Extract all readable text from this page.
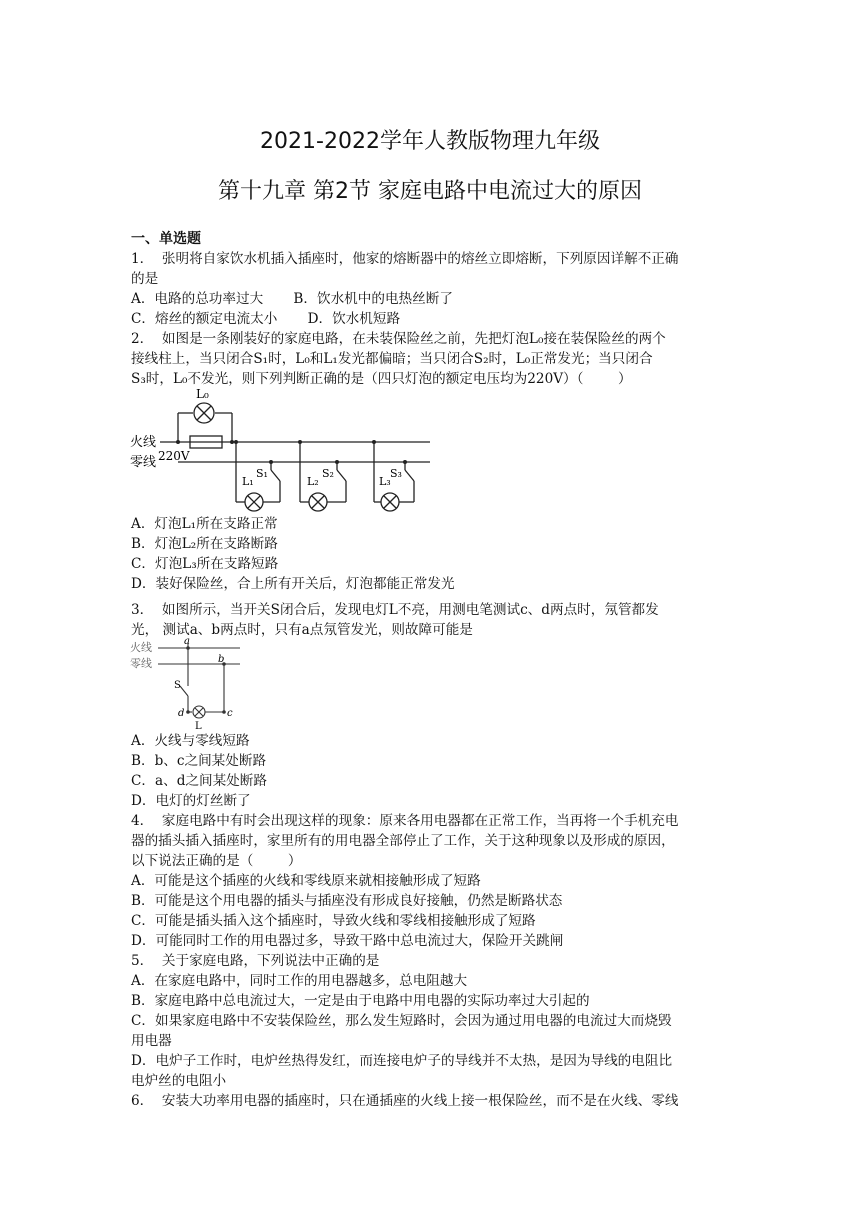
2021-2022学年人教版物理九年级
第十九章 第2节 家庭电路中电流过大的原因
一、单选题
1．  张明将自家饮水机插入插座时，他家的熔断器中的熔丝立即熔断，下列原因详解不正确
的是
A．电路的总功率过大       B．饮水机中的电热丝断了
C．熔丝的额定电流太小       D．饮水机短路
2．  如图是一条刚装好的家庭电路，在未装保险丝之前，先把灯泡L₀接在装保险丝的两个
接线柱上，当只闭合S₁时，L₀和L₁发光都偏暗；当只闭合S₂时，L₀正常发光；当只闭合
S₃时，L₀不发光，则下列判断正确的是（四只灯泡的额定电压均为220V）（        ）
L₀
火线
零线 220V
S₁	S₂	S₃
L₁	L₂	L₃
A．灯泡L₁所在支路正常
B．灯泡L₂所在支路断路
C．灯泡L₃所在支路短路
D．装好保险丝，合上所有开关后，灯泡都能正常发光
3．  如图所示，当开关S闭合后，发现电灯L不亮，用测电笔测试c、d两点时，氖管都发
光， 测试a、b两点时，只有a点氖管发光，则故障可能是
火线
零线
a
b
S
d	c
L
A．火线与零线短路
B．b、c之间某处断路
C．a、d之间某处断路
D．电灯的灯丝断了
4．  家庭电路中有时会出现这样的现象：原来各用电器都在正常工作，当再将一个手机充电
器的插头插入插座时，家里所有的用电器全部停止了工作，关于这种现象以及形成的原因，
以下说法正确的是（        ）
A．可能是这个插座的火线和零线原来就相接触形成了短路
B．可能是这个用电器的插头与插座没有形成良好接触，仍然是断路状态
C．可能是插头插入这个插座时，导致火线和零线相接触形成了短路
D．可能同时工作的用电器过多，导致干路中总电流过大，保险开关跳闸
5．  关于家庭电路，下列说法中正确的是
A．在家庭电路中，同时工作的用电器越多，总电阻越大
B．家庭电路中总电流过大，一定是由于电路中用电器的实际功率过大引起的
C．如果家庭电路中不安装保险丝，那么发生短路时，会因为通过用电器的电流过大而烧毁
用电器
D．电炉子工作时，电炉丝热得发红，而连接电炉子的导线并不太热，是因为导线的电阻比
电炉丝的电阻小
6．  安装大功率用电器的插座时，只在通插座的火线上接一根保险丝，而不是在火线、零线
